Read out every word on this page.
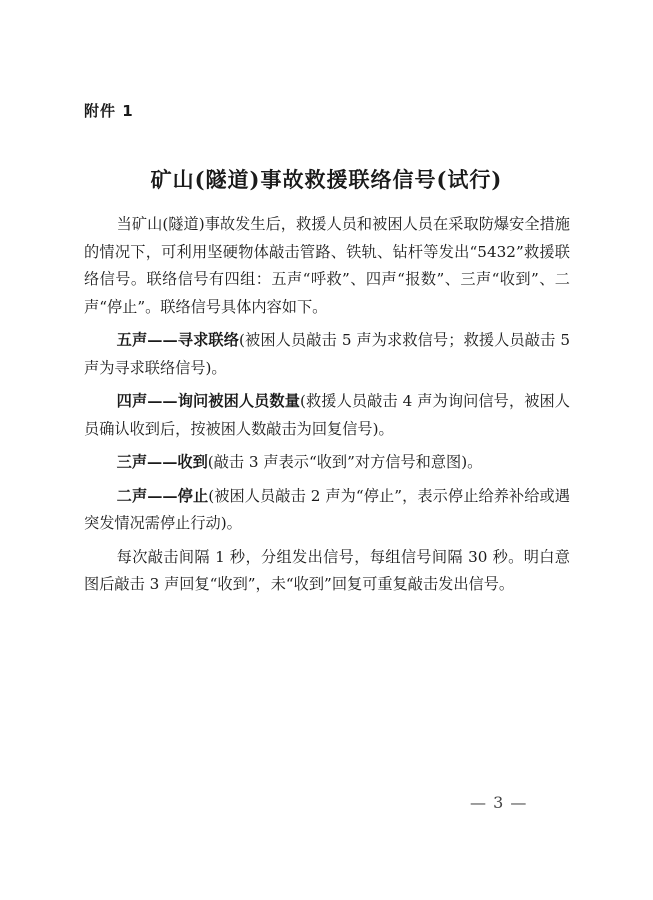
附件 1
矿山(隧道)事故救援联络信号(试行)

当矿山(隧道)事故发生后，救援人员和被困人员在采取防爆安全措施的情况下，可利用坚硬物体敲击管路、铁轨、钻杆等发出“5432”救援联络信号。联络信号有四组：五声“呼救”、四声“报数”、三声“收到”、二声“停止”。联络信号具体内容如下。

五声——寻求联络(被困人员敲击 5 声为求救信号；救援人员敲击 5 声为寻求联络信号)。

四声——询问被困人员数量(救援人员敲击 4 声为询问信号，被困人员确认收到后，按被困人数敲击为回复信号)。

三声——收到(敲击 3 声表示“收到”对方信号和意图)。

二声——停止(被困人员敲击 2 声为“停止”，表示停止给养补给或遇突发情况需停止行动)。

每次敲击间隔 1 秒，分组发出信号，每组信号间隔 30 秒。明白意图后敲击 3 声回复“收到”，未“收到”回复可重复敲击发出信号。

— 3 —
